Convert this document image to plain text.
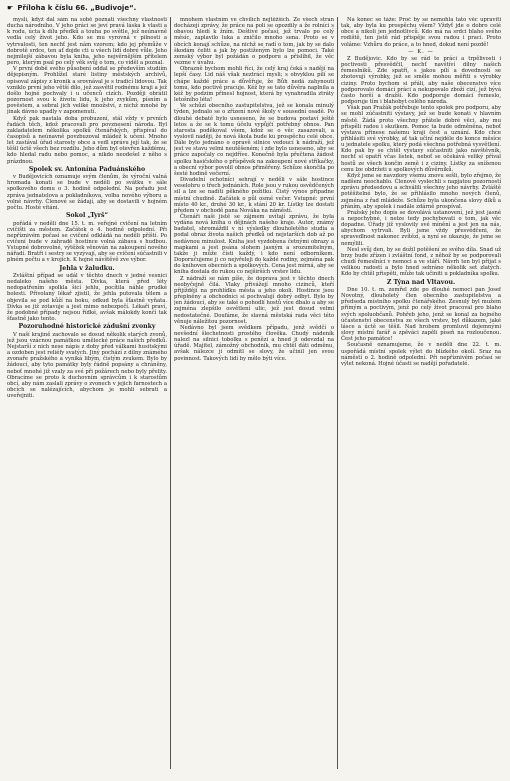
☛ Příloha k číslu 66. „Budivoje“.

myslí, když dal sám na sobě poznati všechny vlastnosti ducha národního. V jeho práci se jeví pravá láska k vlasti a k rodu, úcta k dílu předků a touha po světle, jež neúnavně vedla celý život jeho. Kdo se mu vyrovná v pilnosti a vytrvalosti, ten nechť jest nám vzorem; kdo jej přemůže v dobrotě srdce, ten ať dojde cti u všech lidí dobré vůle. Jeho nejmilejší zábavou byla kniha, jeho nejvěrnějším přítelem pero, kterým psal po celý věk svůj o tom, co viděl a poznal.

V první době svého působení oddal se především studiím dějepisným. Prohlížel staré listiny městských archivů, opisoval zápisy z kronik a srovnával je s tradicí lidovou. Tak vzniklo první jeho větší dílo, jež zasvětil rodnému kraji a jež došlo hojné pochvaly i u učenců cizích. Později obrátil pozornost svou k životu lidu, k jeho zvykům, písním a pověstem, a sebral jich veliké množství, z nichž mnohé by jinak dávno upadly v zapomenutí.

Když pak nastala doba probuzení, stál vždy v prvních řadách těch, kdož pracovali pro povznesení národa. Byl zakladatelem několika spolků čtenářských, přispíval do časopisů a neúnavně povzbuzoval mládež k učení. Mnoho let zastával úřad starosty obce a vedl správu její tak, že se těšil úctě všech bez rozdílu. Jeho dům byl otevřen každému, kdo hledal radu nebo pomoc, a nikdo neodešel z něho s prázdnou.

Spolek sv. Antonína Paduánského

v Budějovicích oznamuje svým členům, že výroční valná hromada konati se bude v neděli po svátku v sále spolkového domu o 3. hodině odpolední. Na pořadu jest zpráva jednatelova a pokladníkova, volba nového výboru a volné návrhy. Členové se žádají, aby se dostavili v hojném počtu. Hosté vítáni.

Sokol „Tyrš“

pořádá v neděli dne 15. t. m. veřejné cvičení na letním cvičišti za městem. Začátek o 4. hodině odpolední. Při nepříznivém počasí se cvičení odkládá na neděli příští. Po cvičení bude v zahradě hostince volná zábava s hudbou. Vstupné dobrovolné, výtěžek věnován na zakoupení nového nářadí. Bratři i sestry se vyzývají, aby se cvičení súčastnili v plném počtu a v krojích. K hojné návštěvě zve výbor.

Jehla v žaludku.

Zvláštní případ se udál v těchto dnech v jedné vesnici nedaleko našeho města. Dívka, která před léty nedopatřením spolkla šicí jehlu, pocítila náhle prudké bolesti. Přivolaný lékař zjistil, že jehla putovala tělem a objevila se pod kůží na boku, odkud byla šťastně vyňata. Dívka se již zotavuje a jest mimo nebezpečí. Lékaři praví, že podobné případy nejsou řídké, avšak málokdy končí tak šťastně jako tento.

Pozoruhodné historické zádušní zvonky

V naší krajině zachovalo se dosud několik starých zvonů, jež jsou vzácnou památkou umělecké práce našich předků. Nejstarší z nich nese nápis z doby před válkami husitskými a ozdoben jest reliéfy svatých. Jiný pochází z dílny známého zvonaře pražského a vyniká libým, čistým zvukem. Bylo by žádoucí, aby tyto památky byly řádně popsány a chráněny, neboť mnohé již vzaly za své při požárech nebo byly přelity. Obracíme se proto k duchovním správcům i k starostům obcí, aby nám zaslali zprávy o zvonech v jejich farnostech a obcích se nalézajících, abychom je mohli sebrati a uveřejniti.

mnohem vlastním ve chvílích nejtěžších. Ze všech stran docházejí zprávy, že práce na poli se opozdily a že rolníci s obavou hledí k žním. Deštivé počasí, jež trvalo po celý měsíc, zaplavilo luka a zničilo mnoho sena. Proto se v obcích konají schůze, na nichž se radí o tom, jak by se dalo škodám čeliti a jak by postiženým bylo lze pomoci. Také zemský výbor byl požádán o podporu a přislíbil, že věc vezme v úvahu.

Obrazně bychom mohli říci, že celý kraj čeká s nadějí na lepší časy. Lid náš však neztrácí mysli; s obvyklou pílí se chápe každé práce a důvěřuje, že Bůh nedá zahynouti tomu, kdo poctivě pracuje. Kéž by se tato důvěra naplnila a kéž by podzim přinesl hojnost, která by vynahradila ztráty letošního léta!

Ve schůzi obecního zastupitelstva, jež se konala minulý týden, jednalo se o zřízení nové školy v sousední osadě. Po dlouhé debatě bylo usneseno, že se budova postaví ještě letos a že se k tomu účelu vypůjčí potřebný obnos. Pan starosta poděkoval všem, kdož se o věc zasazovali, a vyslovil naději, že nová škola bude ku prospěchu celé obce. Dále bylo jednáno o opravě silnice vedoucí k nádraží, jež jest ve stavu velmi neutěšeném; i zde bylo usneseno, aby se práce započaly co nejdříve. Konečně byla přečtena žádost spolku hasičského o příspěvek na zakoupení nové stříkačky, a obecní výbor povolil obnos přiměřený. Schůze skončila po šesté hodině večerní.

Divadelní ochotníci sehrají v neděli v sále hostince veselohru o třech jednáních. Role jsou v rukou osvědčených sil a lze se nadíti pěkného požitku. Čistý výnos připadne místní chudině. Začátek o půl osmé večer. Vstupné: první místo 40 kr., druhé 30 kr., k stání 20 kr. Lístky lze dostati předem v obchodě pana Nováka na náměstí.

Čtenáři naši jistě se zájmem uvítají zprávu, že byla vydána nová kniha o dějinách našeho kraje. Autor, známý badatel, shromáždil v ní výsledky dlouholetého studia a podal obraz života našich předků od nejstarších dob až po nedávnou minulost. Kniha jest vyzdobena četnými obrazy a mapkami a jest psána slohem jasným a srozumitelným, takže ji může čísti každý, i kdo není odborníkem. Doporučujeme ji co nejvřeleji do každé rodiny, zejména pak do knihoven obecních a spolkových. Cena jest mírná, aby se kniha dostala do rukou co nejširších vrstev lidu.

Z nádraží se nám píše, že doprava jest v těchto dnech neobyčejně čilá. Vlaky přivážejí mnoho cizinců, kteří přijíždějí na prohlídku města a jeho okolí. Hostince jsou přeplněny a obchodníci si pochvalují dobrý odbyt. Bylo by jen žádoucí, aby se také o pohodlí hostů více dbalo a aby se zejména zlepšilo osvětlení ulic, jež jest dosud velmi nedostatečné. Doufáme, že slavná městská rada věci této věnuje náležitou pozornost.

Nedávno byl jsem svědkem případu, jenž svědčí o nevšední šlechetnosti prostého člověka. Chudý nádeník nalezl na silnici tobolku s penězi a hned ji odevzdal na úřadě. Majitel, zámožný obchodník, mu chtěl dáti odměnu, avšak nálezce ji odmítl se slovy, že učinil jen svou povinnost. Takových lidí by mělo býti více.

Na konec se táže: Proč by se nemohla tato věc upraviti tak, aby byla ku prospěchu všem? Vždyť jde o dobro celé obce a nikoli jen jednotlivců. Kdo má na srdci blaho svého rodiště, ten jistě rád přispěje svou radou i prací. Proto voláme: Vzhůru do práce, a to hned, dokud není pozdě!

— K. —

Z Budějovic. Kdo by se rád te práci a trpělivosti i poctivosti přesvědčil, nechť navštíví dílny našich řemeslníků. Zde spatří, s jakou pílí a dovedností se zhotovují výrobky, jež se směle mohou měřiti s výrobky ciziny. Proto bychom si přáli, aby naše obecenstvo více podporovalo domácí práci a nekupovalo zboží cizí, jež bývá často horší a dražší. Kdo podporuje domácí řemeslo, podporuje tím i blahobyt celého národa.

Však pan Pražák potřebuje tento spolek pro podporu, aby se mohl zúčastniti výstavy, jež se bude konati v hlavním městě. Žádá proto všechny přátele dobré věci, aby mu přispěli radou i skutkem. Pomoc ta bude odměněna, neboť výstava přinese našemu kraji čest a uznání. Kdo chce přihlásiti své výrobky, ať tak učiní nejdéle do konce měsíce u jednatele spolku, který podá všechna potřebná vysvětlení. Kdo pak by se chtěl výstavy súčastniti jako návštěvník, nechť si opatří včas lístek, neboť se očekává veliký příval hostů ze všech končin země i z ciziny. Lístky za sníženou cenu lze obdržeti u spolkových důvěrníků.

Když jsme se navzdory všemu znovu sešli, bylo zřejmo, že nadšení neochablo. Členové vyslechli s napjatou pozorností zprávu předsedovu a schválili všechny jeho návrhy. Zvláště potěšitelné bylo, že se přihlásilo mnoho nových členů, zejména z řad mládeže. Schůze byla ukončena slovy díků a přáním, aby spolek i nadále zdárně prospíval.

Pražský jeho dopis se dovolává ustanovení, jež jest jasné a nepochybné, i nelze tedy pochybovati o tom, jak věc dopadne. Úřady již vyslovily své mínění a jest jen na nás, abychom vytrvali. Byli jsme vždy přesvědčeni, že spravedlnost nakonec zvítězí, a nyní se ukazuje, že jsme se nemýlili.

Nesl svůj den, by se dožil potěšení ze svého díla. Snad už brzy bude zřízen i zvláštní fond, z něhož by se podporovali chudí řemeslníci v nemoci a ve stáří. Návrh ten byl přijat s velikou radostí a bylo hned sebráno několik set zlatých. Kdo by chtěl přispěti, může tak učiniti u pokladníka spolku.

Z Týna nad Vltavou.

Dne 10. t. m. zemřel zde po dlouhé nemoci pan Josef Novotný, dlouholetý člen obecního zastupitelstva a předseda místního spolku čtenářského. Zesnulý byl mužem přímým a poctivým, jenž po celý život pracoval pro blaho svých spoluobčanů. Pohřeb jeho, jenž se konal za hojného účastenství obecenstva ze všech vrstev, byl důkazem, jaké lásce a úctě se těšil. Nad hrobem promluvil dojemnými slovy místní farář a zpěváci zapěli píseň na rozloučenou. Čest jeho památce!

Současně oznamujeme, že v neděli dne 22. t. m. uspořádá místní spolek výlet do blízkého okolí. Sraz na náměstí o 2. hodině odpolední. Při nepříznivém počasí se výlet nekoná. Hojné účasti se nadějí pořadatelé.
